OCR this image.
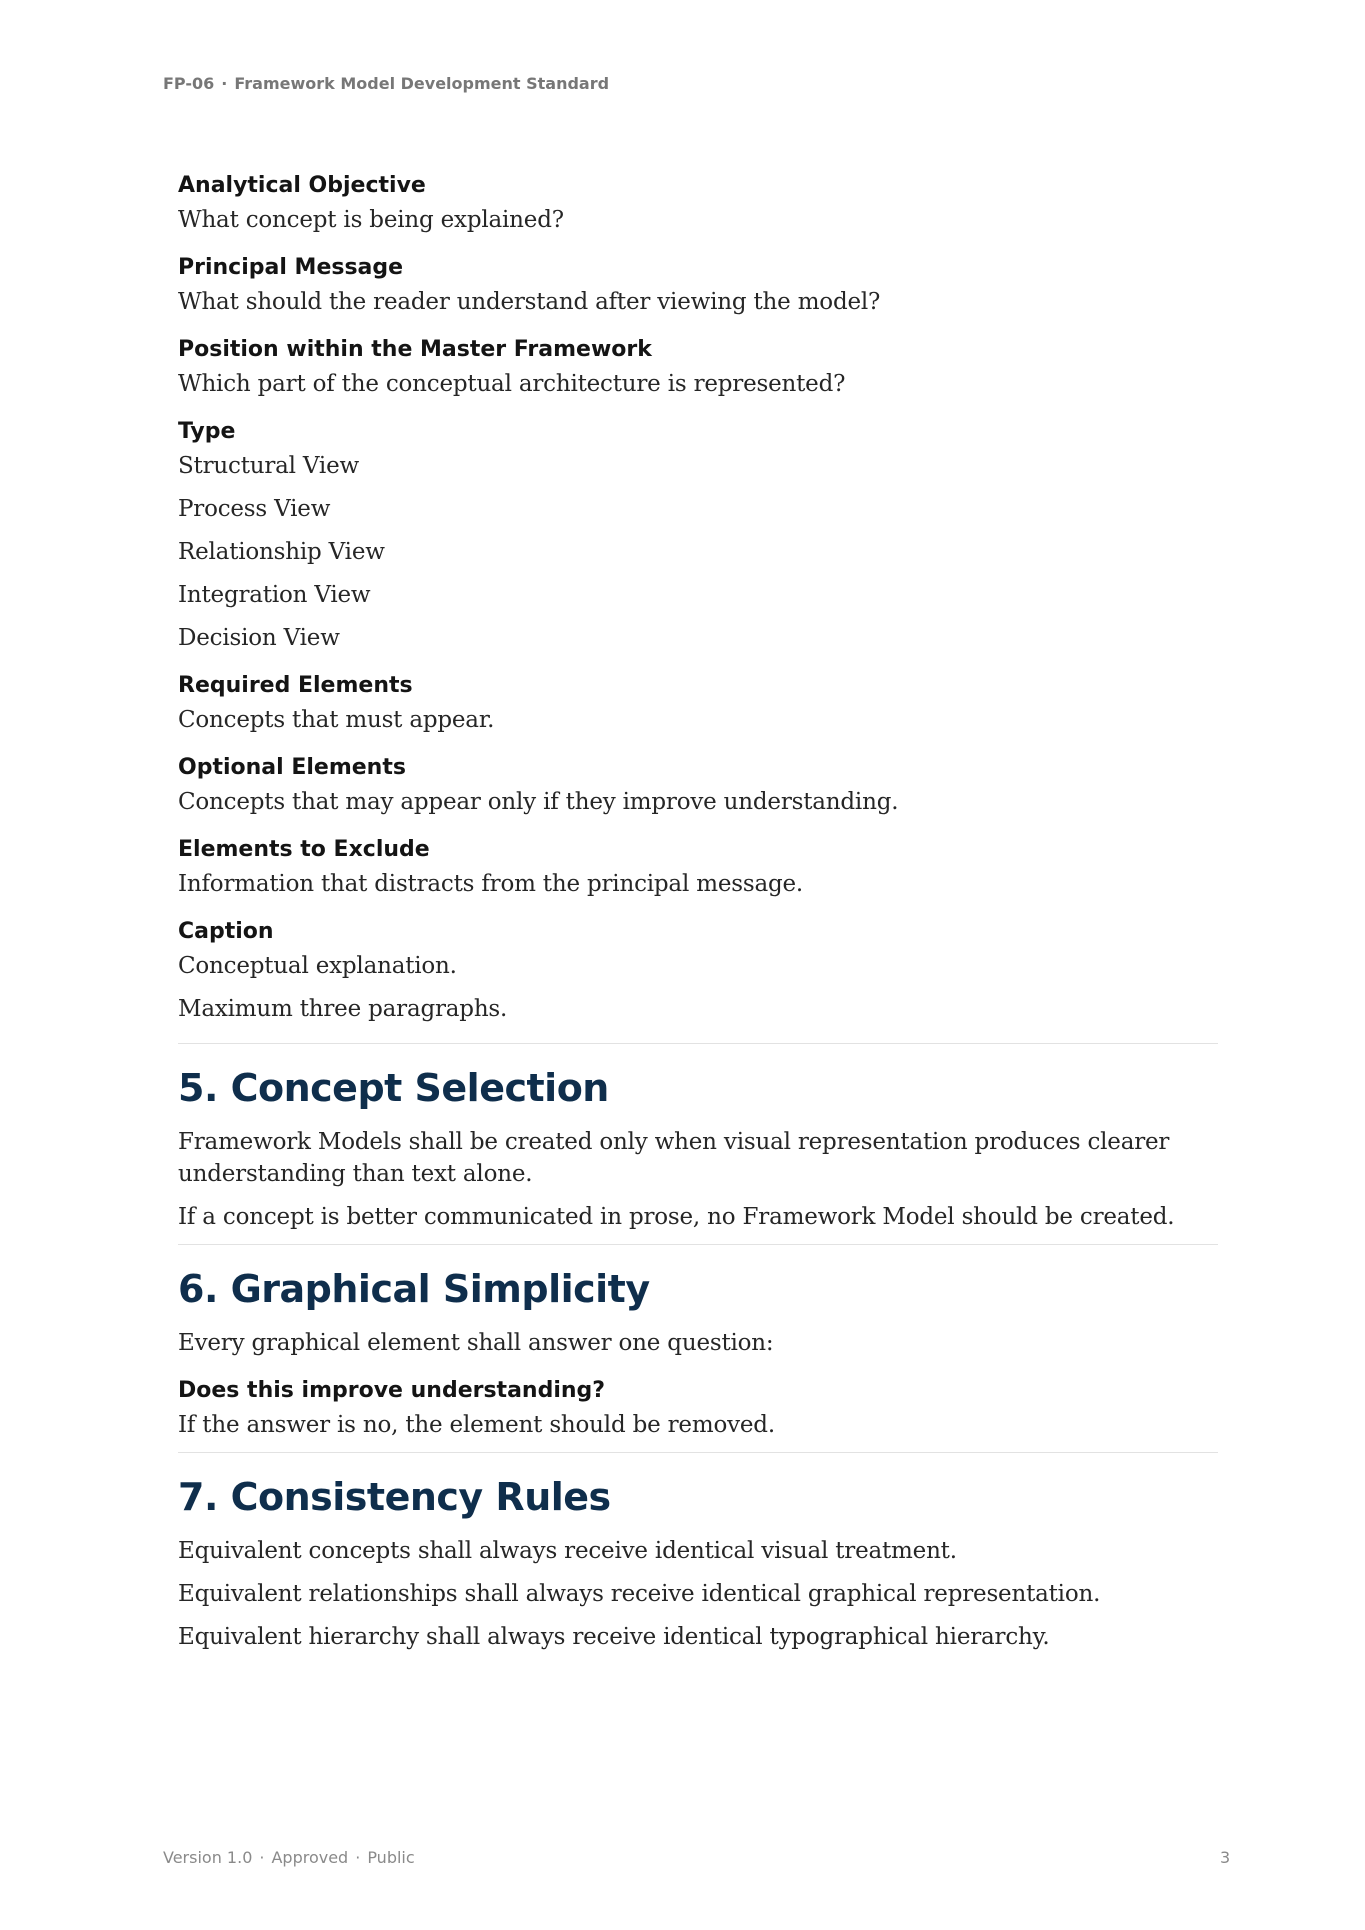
FP-06 · Framework Model Development Standard
Analytical Objective
What concept is being explained?
Principal Message
What should the reader understand after viewing the model?
Position within the Master Framework
Which part of the conceptual architecture is represented?
Type
Structural View
Process View
Relationship View
Integration View
Decision View
Required Elements
Concepts that must appear.
Optional Elements
Concepts that may appear only if they improve understanding.
Elements to Exclude
Information that distracts from the principal message.
Caption
Conceptual explanation.
Maximum three paragraphs.
5. Concept Selection
Framework Models shall be created only when visual representation produces clearer understanding than text alone.
If a concept is better communicated in prose, no Framework Model should be created.
6. Graphical Simplicity
Every graphical element shall answer one question:
Does this improve understanding?
If the answer is no, the element should be removed.
7. Consistency Rules
Equivalent concepts shall always receive identical visual treatment.
Equivalent relationships shall always receive identical graphical representation.
Equivalent hierarchy shall always receive identical typographical hierarchy.
Version 1.0 · Approved · Public	3
